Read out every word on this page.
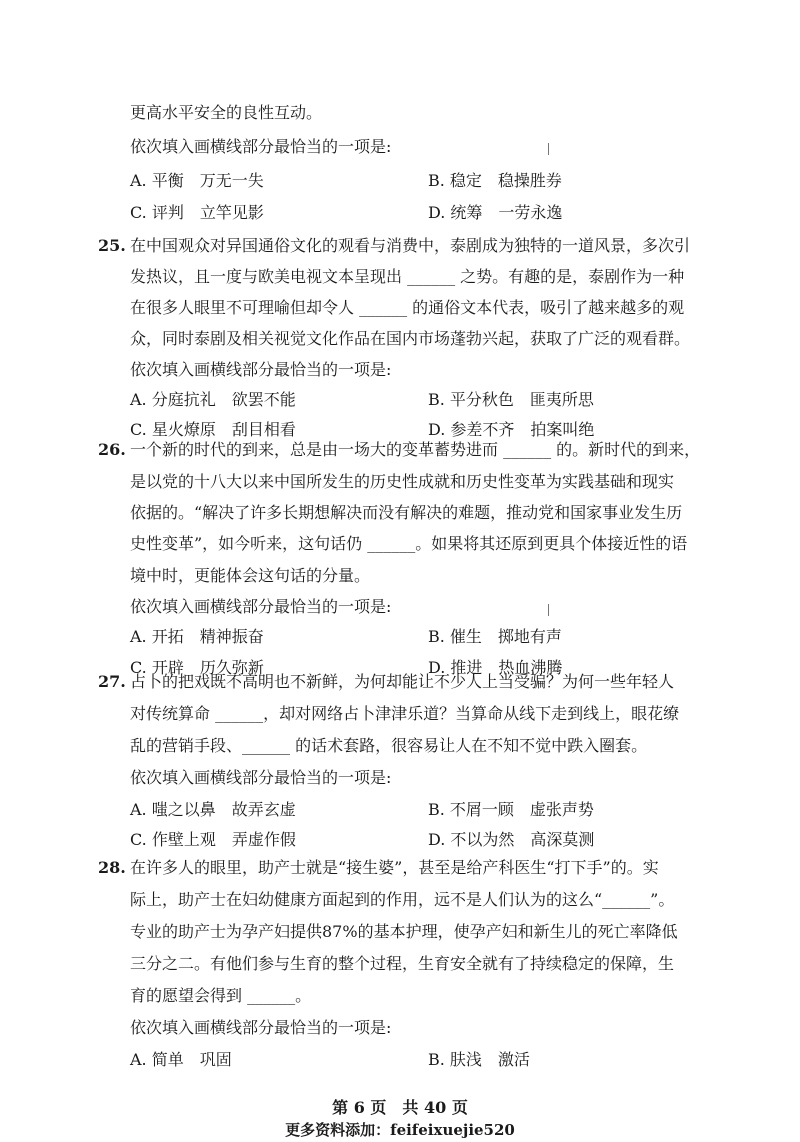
更高水平安全的良性互动。
依次填入画横线部分最恰当的一项是:
A. 平衡　万无一失	B. 稳定　稳操胜券
C. 评判　立竿见影	D. 统筹　一劳永逸
25. 在中国观众对异国通俗文化的观看与消费中，泰剧成为独特的一道风景，多次引
发热议，且一度与欧美电视文本呈现出 ______ 之势。有趣的是，泰剧作为一种
在很多人眼里不可理喻但却令人 ______ 的通俗文本代表，吸引了越来越多的观
众，同时泰剧及相关视觉文化作品在国内市场蓬勃兴起，获取了广泛的观看群。
依次填入画横线部分最恰当的一项是:
A. 分庭抗礼　欲罢不能	B. 平分秋色　匪夷所思
C. 星火燎原　刮目相看	D. 参差不齐　拍案叫绝
26. 一个新的时代的到来，总是由一场大的变革蓄势进而 ______ 的。新时代的到来，
是以党的十八大以来中国所发生的历史性成就和历史性变革为实践基础和现实
依据的。“解决了许多长期想解决而没有解决的难题，推动党和国家事业发生历
史性变革”，如今听来，这句话仍 ______。如果将其还原到更具个体接近性的语
境中时，更能体会这句话的分量。
依次填入画横线部分最恰当的一项是:
A. 开拓　精神振奋	B. 催生　掷地有声
C. 开辟　历久弥新	D. 推进　热血沸腾
27. 占卜的把戏既不高明也不新鲜，为何却能让不少人上当受骗？为何一些年轻人
对传统算命 ______，却对网络占卜津津乐道？当算命从线下走到线上，眼花缭
乱的营销手段、______ 的话术套路，很容易让人在不知不觉中跌入圈套。
依次填入画横线部分最恰当的一项是:
A. 嗤之以鼻　故弄玄虚	B. 不屑一顾　虚张声势
C. 作壁上观　弄虚作假	D. 不以为然　高深莫测
28. 在许多人的眼里，助产士就是“接生婆”，甚至是给产科医生“打下手”的。实
际上，助产士在妇幼健康方面起到的作用，远不是人们认为的这么“______”。
专业的助产士为孕产妇提供87%的基本护理，使孕产妇和新生儿的死亡率降低
三分之二。有他们参与生育的整个过程，生育安全就有了持续稳定的保障，生
育的愿望会得到 ______。
依次填入画横线部分最恰当的一项是:
A. 简单　巩固	B. 肤浅　激活
第 6 页　共 40 页
更多资料添加：feifeixuejie520
